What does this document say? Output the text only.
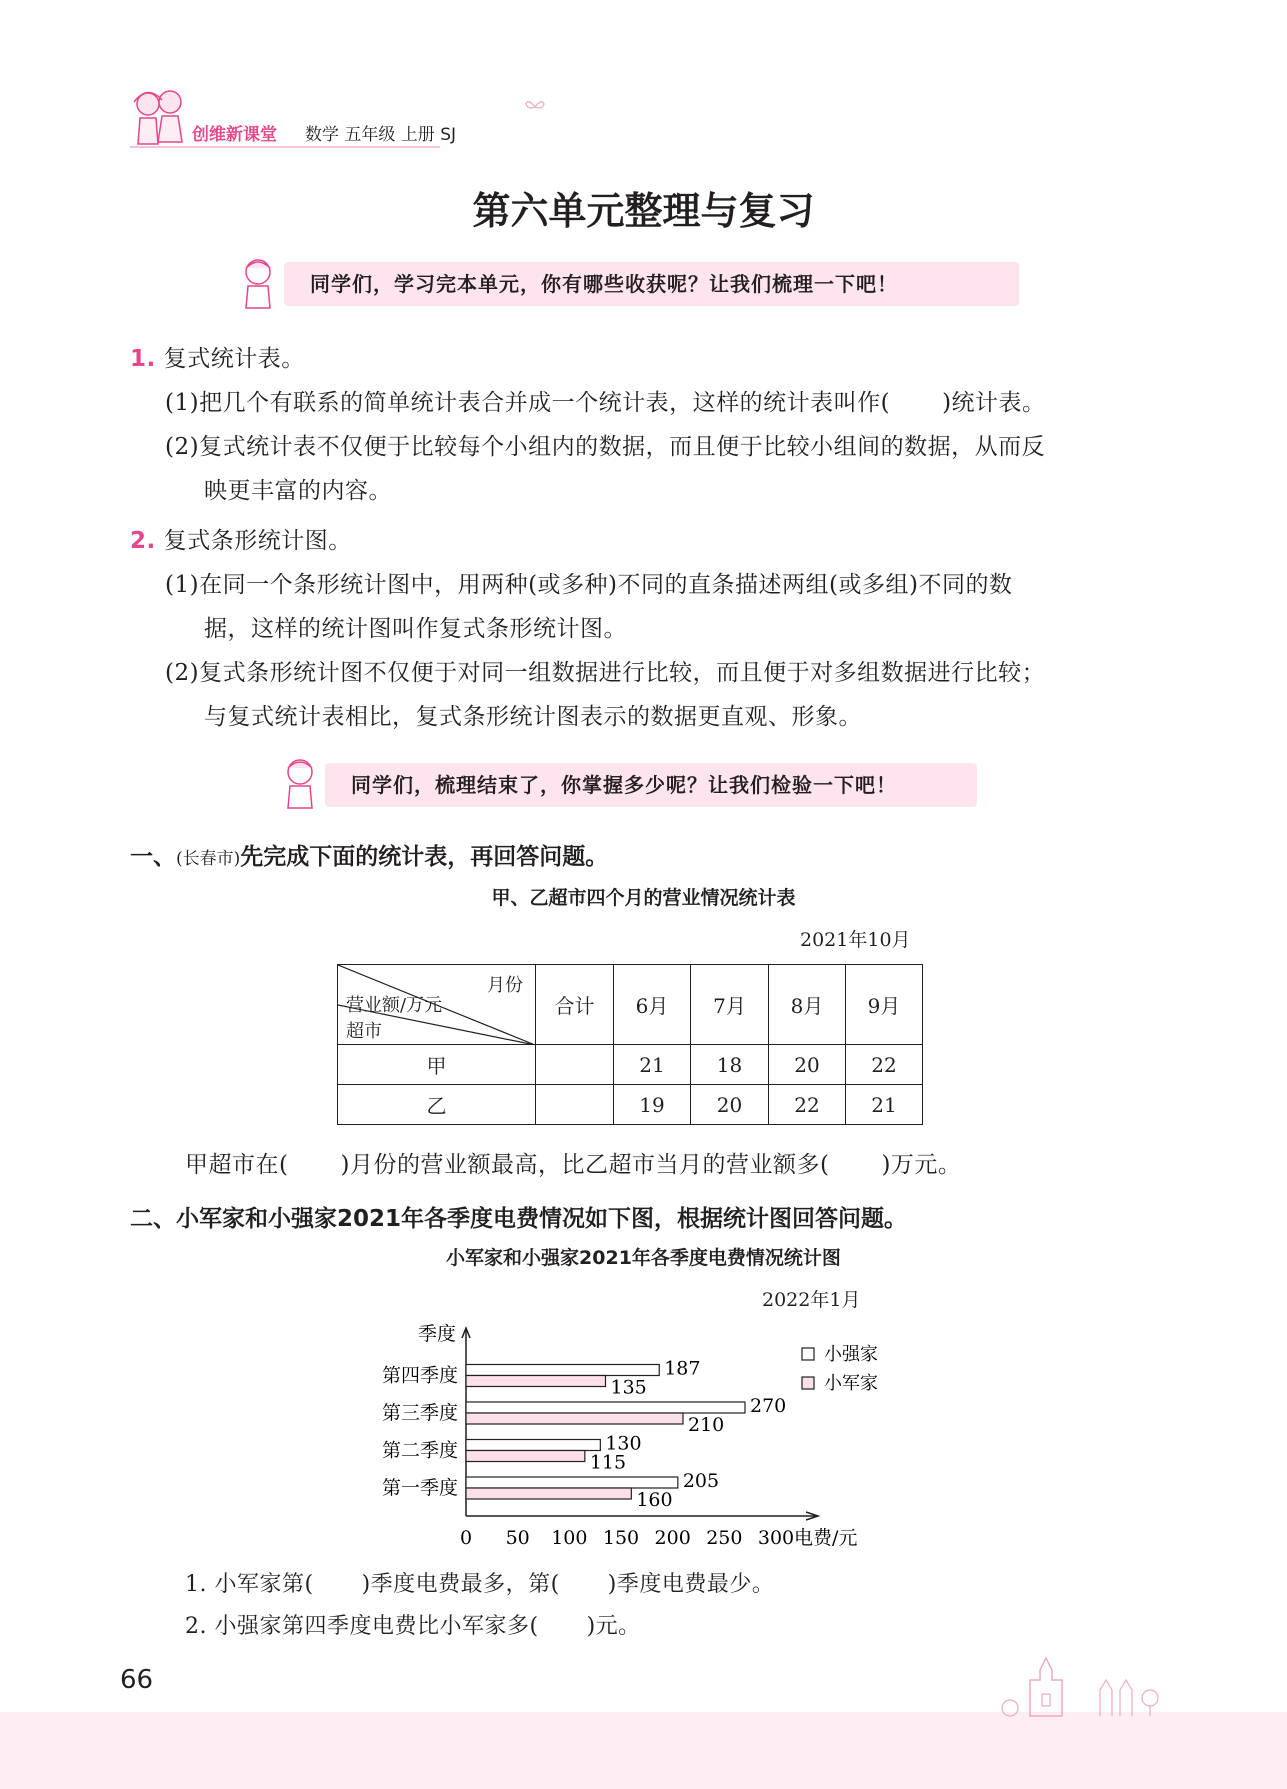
创维新课堂 数学 五年级 上册 SJ
第六单元整理与复习
同学们，学习完本单元，你有哪些收获呢？让我们梳理一下吧！
1. 复式统计表。
(1)把几个有联系的简单统计表合并成一个统计表，这样的统计表叫作( )统计表。
(2)复式统计表不仅便于比较每个小组内的数据，而且便于比较小组间的数据，从而反
映更丰富的内容。
2. 复式条形统计图。
(1)在同一个条形统计图中，用两种(或多种)不同的直条描述两组(或多组)不同的数
据，这样的统计图叫作复式条形统计图。
(2)复式条形统计图不仅便于对同一组数据进行比较，而且便于对多组数据进行比较；
与复式统计表相比，复式条形统计图表示的数据更直观、形象。
同学们，梳理结束了，你掌握多少呢？让我们检验一下吧！
一、(长春市)先完成下面的统计表，再回答问题。
甲、乙超市四个月的营业情况统计表
2021年10月
月份
营业额/万元
超市	合计	6月	7月	8月	9月
甲		21	18	20	22
乙		19	20	22	21
甲超市在( )月份的营业额最高，比乙超市当月的营业额多( )万元。
二、小军家和小强家2021年各季度电费情况如下图，根据统计图回答问题。
小军家和小强家2021年各季度电费情况统计图
2022年1月
季度
电费/元
第一季度	205
160
第二季度	130
115
第三季度	270
210
第四季度	187
135
0 50 100 150 200 250 300
小强家
小军家
1. 小军家第( )季度电费最多，第( )季度电费最少。
2. 小强家第四季度电费比小军家多( )元。
66
